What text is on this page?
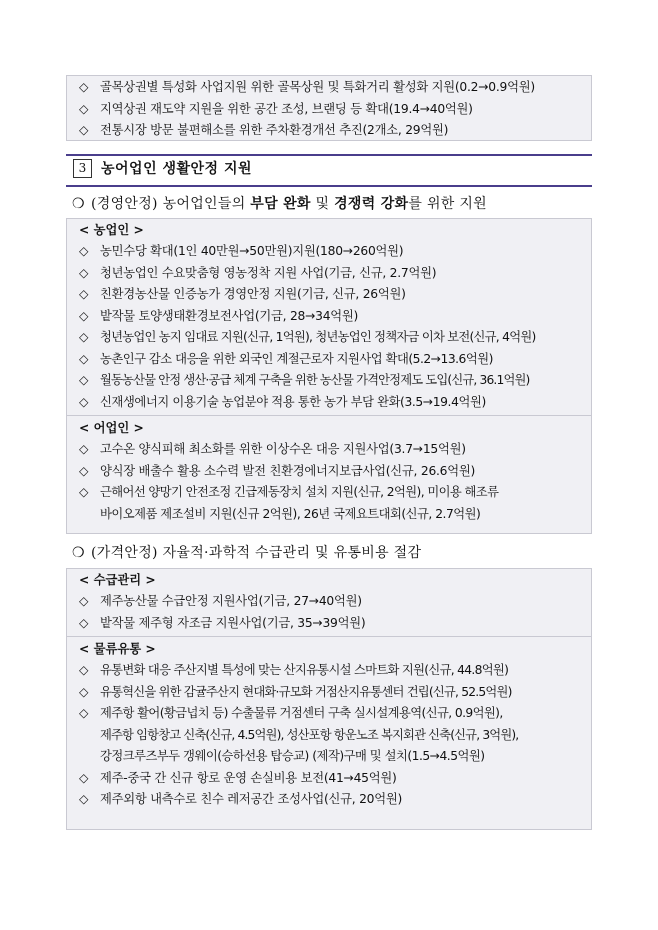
◇ 골목상권별 특성화 사업지원 위한 골목상원 및 특화거리 활성화 지원(0.2→0.9억원)
◇ 지역상권 재도약 지원을 위한 공간 조성, 브랜딩 등 확대(19.4→40억원)
◇ 전통시장 방문 불편해소를 위한 주차환경개선 추진(2개소, 29억원)
3	농어업인 생활안정 지원
❍ (경영안정) 농어업인들의 부담 완화 및 경쟁력 강화를 위한 지원
< 농업인 >
◇ 농민수당 확대(1인 40만원→50만원)지원(180→260억원)
◇ 청년농업인 수요맞춤형 영농정착 지원 사업(기금, 신규, 2.7억원)
◇ 친환경농산물 인증농가 경영안정 지원(기금, 신규, 26억원)
◇ 밭작물 토양생태환경보전사업(기금, 28→34억원)
◇ 청년농업인 농지 임대료 지원(신규, 1억원), 청년농업인 정책자금 이차 보전(신규, 4억원)
◇ 농촌인구 감소 대응을 위한 외국인 계절근로자 지원사업 확대(5.2→13.6억원)
◇ 월동농산물 안정 생산·공급 체계 구축을 위한 농산물 가격안정제도 도입(신규, 36.1억원)
◇ 신재생에너지 이용기술 농업분야 적용 통한 농가 부담 완화(3.5→19.4억원)
< 어업인 >
◇ 고수온 양식피해 최소화를 위한 이상수온 대응 지원사업(3.7→15억원)
◇ 양식장 배출수 활용 소수력 발전 친환경에너지보급사업(신규, 26.6억원)
◇ 근해어선 양망기 안전조정 긴급제동장치 설치 지원(신규, 2억원), 미이용 해조류
바이오제품 제조설비 지원(신규 2억원), 26년 국제요트대회(신규, 2.7억원)
❍ (가격안정) 자율적·과학적 수급관리 및 유통비용 절감
< 수급관리 >
◇ 제주농산물 수급안정 지원사업(기금, 27→40억원)
◇ 밭작물 제주형 자조금 지원사업(기금, 35→39억원)
< 물류유통 >
◇ 유통변화 대응 주산지별 특성에 맞는 산지유통시설 스마트화 지원(신규, 44.8억원)
◇ 유통혁신을 위한 감귤주산지 현대화·규모화 거점산지유통센터 건립(신규, 52.5억원)
◇ 제주항 활어(황금넙치 등) 수출물류 거점센터 구축 실시설계용역(신규, 0.9억원),
제주항 임항창고 신축(신규, 4.5억원), 성산포항 항운노조 복지회관 신축(신규, 3억원),
강정크루즈부두 갱웨이(승하선용 탑승교) (제작)구매 및 설치(1.5→4.5억원)
◇ 제주-중국 간 신규 항로 운영 손실비용 보전(41→45억원)
◇ 제주외항 내측수로 친수 레저공간 조성사업(신규, 20억원)
